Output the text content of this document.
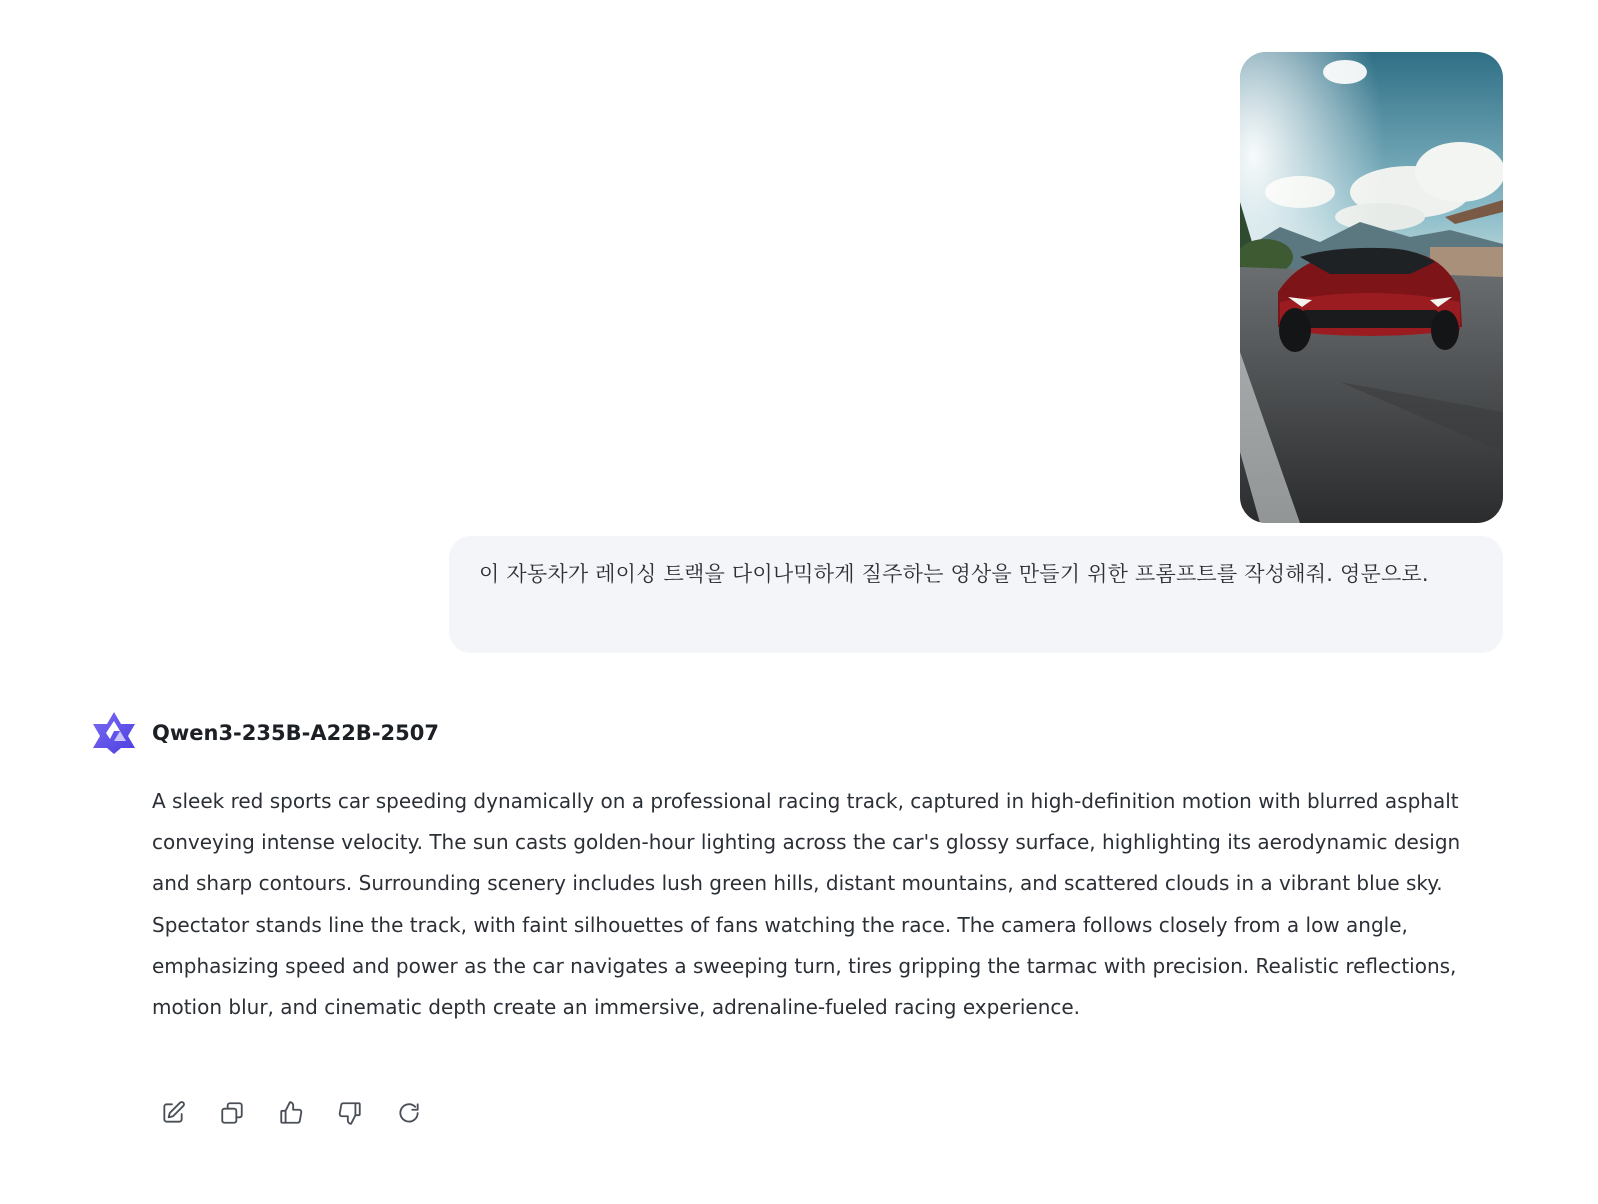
이 자동차가 레이싱 트랙을 다이나믹하게 질주하는 영상을 만들기 위한 프롬프트를 작성해줘. 영문으로.

Qwen3-235B-A22B-2507

A sleek red sports car speeding dynamically on a professional racing track, captured in high-definition motion with blurred asphalt conveying intense velocity. The sun casts golden-hour lighting across the car's glossy surface, highlighting its aerodynamic design and sharp contours. Surrounding scenery includes lush green hills, distant mountains, and scattered clouds in a vibrant blue sky. Spectator stands line the track, with faint silhouettes of fans watching the race. The camera follows closely from a low angle, emphasizing speed and power as the car navigates a sweeping turn, tires gripping the tarmac with precision. Realistic reflections, motion blur, and cinematic depth create an immersive, adrenaline-fueled racing experience.
